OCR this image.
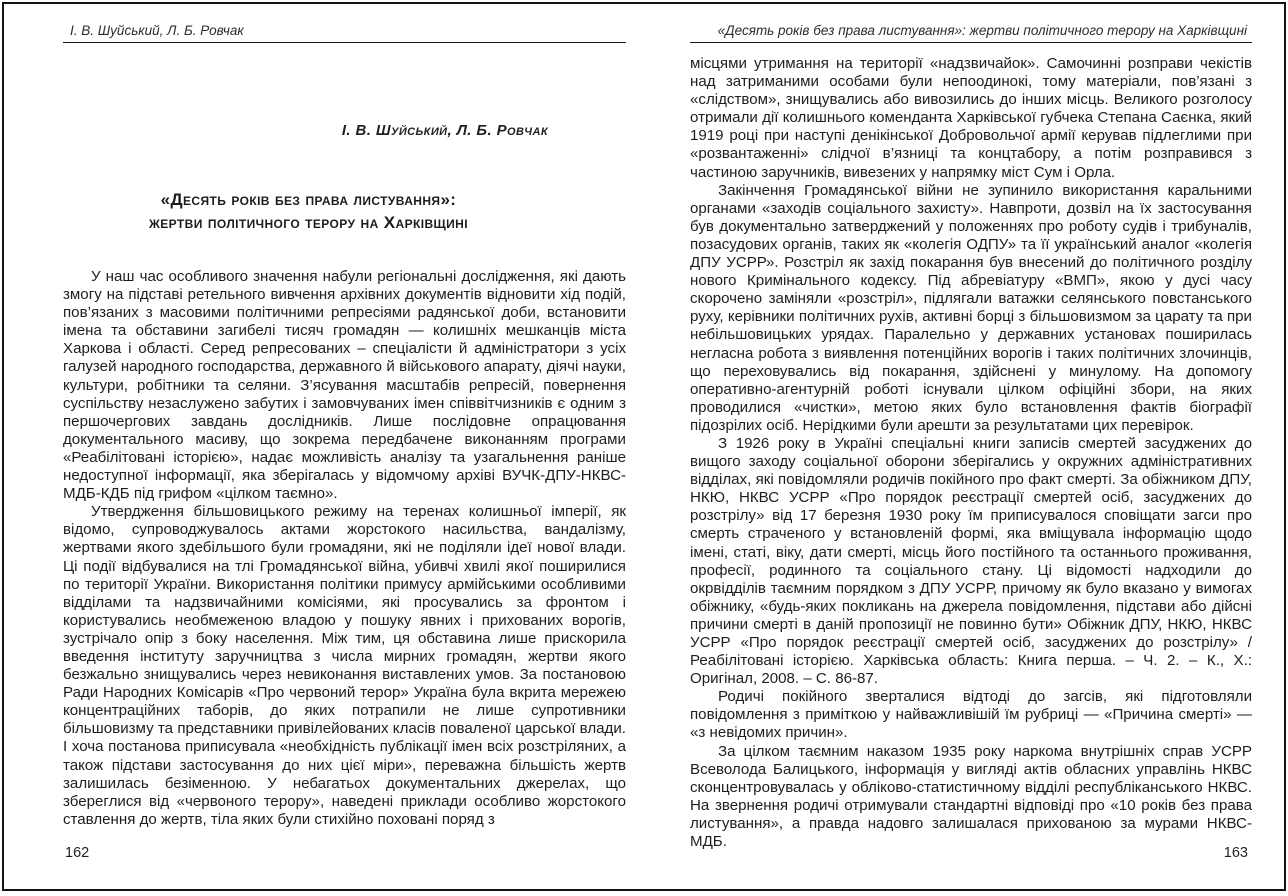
І. В. Шуйський, Л. Б. Ровчак
І. В. Шуйський, Л. Б. Ровчак
«Десять років без права листування»:
жертви політичного терору на Харківщині

У наш час особливого значення набули регіональні дослідження, які дають змогу на підставі ретельного вивчення архівних документів відновити хід подій, пов’язаних з масовими політичними репресіями радянської доби, встановити імена та обставини загибелі тисяч громадян — колишніх мешканців міста Харкова і області. Серед репресованих – спеціалісти й адміністратори з усіх галузей народного господарства, державного й військового апарату, діячі науки, культури, робітники та селяни. З’ясування масштабів репресій, повернення суспільству незаслужено забутих і замовчуваних імен співвітчизників є одним з першочергових завдань дослідників. Лише послідовне опрацювання документального масиву, що зокрема передбачене виконанням програми «Реабілітовані історією», надає можливість аналізу та узагальнення раніше недоступної інформації, яка зберігалась у відомчому архіві ВУЧК-ДПУ-НКВС-МДБ-КДБ під грифом «цілком таємно».

Утвердження більшовицького режиму на теренах колишньої імперії, як відомо, супроводжувалось актами жорстокого насильства, вандалізму, жертвами якого здебільшого були громадяни, які не поділяли ідеї нової влади. Ці події відбувалися на тлі Громадянської війна, убивчі хвилі якої поширилися по території України. Використання політики примусу армійськими особливими відділами та надзвичайними комісіями, які просувались за фронтом і користувались необмеженою владою у пошуку явних і прихованих ворогів, зустрічало опір з боку населення. Між тим, ця обставина лише прискорила введення інституту заручництва з числа мирних громадян, жертви якого безжально знищувались через невиконання виставлених умов. За постановою Ради Народних Комісарів «Про червоний терор» Україна була вкрита мережею концентраційних таборів, до яких потрапили не лише супротивники більшовизму та представники привілейованих класів поваленої царської влади. І хоча постанова приписувала «необхідність публікації імен всіх розстріляних, а також підстави застосування до них цієї міри», переважна більшість жертв залишилась безіменною. У небагатьох документальних джерелах, що збереглися від «червоного терору», наведені приклади особливо жорстокого ставлення до жертв, тіла яких були стихійно поховані поряд з

162
«Десять років без права листування»: жертви політичного терору на Харківщині

місцями утримання на території «надзвичайок». Самочинні розправи чекістів над затриманими особами були непоодинокі, тому матеріали, пов’язані з «слідством», знищувались або вивозились до інших місць. Великого розголосу отримали дії колишнього коменданта Харківської губчека Степана Саєнка, який 1919 році при наступі денікінської Добровольчої армії керував підлеглими при «розвантаженні» слідчої в’язниці та концтабору, а потім розправився з частиною заручників, вивезених у напрямку міст Сум і Орла.

Закінчення Громадянської війни не зупинило використання каральними органами «заходів соціального захисту». Навпроти, дозвіл на їх застосування був документально затверджений у положеннях про роботу судів і трибуналів, позасудових органів, таких як «колегія ОДПУ» та її український аналог «колегія ДПУ УСРР». Розстріл як захід покарання був внесений до політичного розділу нового Кримінального кодексу. Під абревіатуру «ВМП», якою у дусі часу скорочено заміняли «розстріл», підлягали ватажки селянського повстанського руху, керівники політичних рухів, активні борці з більшовизмом за царату та при небільшовицьких урядах. Паралельно у державних установах поширилась негласна робота з виявлення потенційних ворогів і таких політичних злочинців, що переховувались від покарання, здійснені у минулому. На допомогу оперативно-агентурній роботі існували цілком офіційні збори, на яких проводилися «чистки», метою яких було встановлення фактів біографії підозрілих осіб. Нерідкими були арешти за результатами цих перевірок.

З 1926 року в Україні спеціальні книги записів смертей засуджених до вищого заходу соціальної оборони зберігались у окружних адміністративних відділах, які повідомляли родичів покійного про факт смерті. За обіжником ДПУ, НКЮ, НКВС УСРР «Про порядок реєстрації смертей осіб, засуджених до розстрілу» від 17 березня 1930 року їм приписувалося сповіщати загси про смерть страченого у встановленій формі, яка вміщувала інформацію щодо імені, статі, віку, дати смерті, місць його постійного та останнього проживання, професії, родинного та соціального стану. Ці відомості надходили до окрвідділів таємним порядком з ДПУ УСРР, причому як було вказано у вимогах обіжнику, «будь-яких покликань на джерела повідомлення, підстави або дійсні причини смерті в даній пропозиції не повинно бути» Обіжник ДПУ, НКЮ, НКВС УСРР «Про порядок реєстрації смертей осіб, засуджених до розстрілу» / Реабілітовані історією. Харківська область: Книга перша. – Ч. 2. – К., Х.: Оригінал, 2008. – С. 86-87.

Родичі покійного зверталися відтоді до загсів, які підготовляли повідомлення з приміткою у найважливішій їм рубриці — «Причина смерті» — «з невідомих причин».

За цілком таємним наказом 1935 року наркома внутрішніх справ УСРР Всеволода Балицького, інформація у вигляді актів обласних управлінь НКВС сконцентровувалась у обліково-статистичному відділі республіканського НКВС. На звернення родичі отримували стандартні відповіді про «10 років без права листування», а правда надовго залишалася прихованою за мурами НКВС-МДБ.

163
